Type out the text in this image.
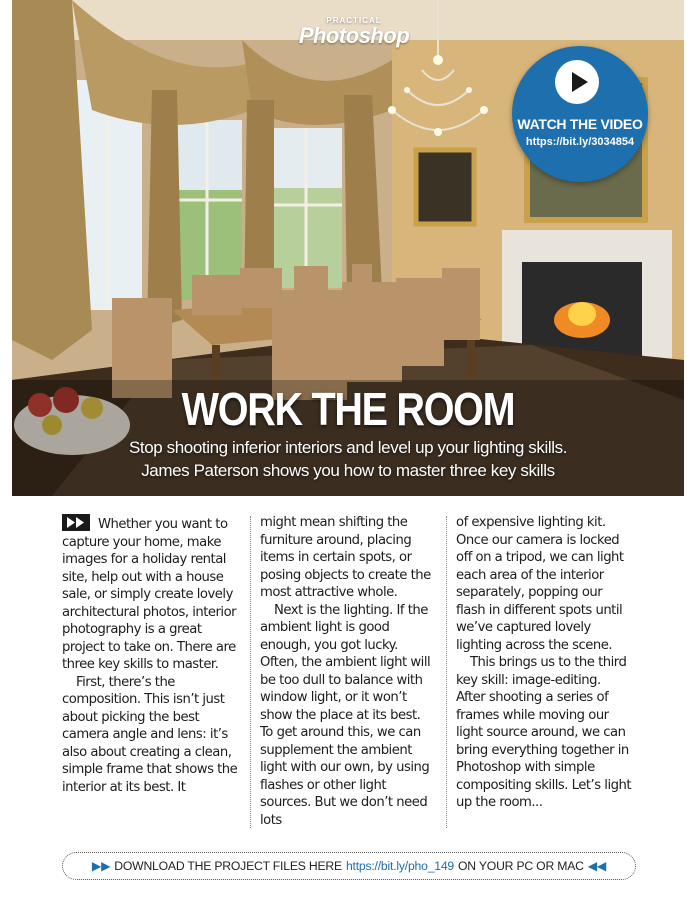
PRACTICAL
Photoshop
WATCH THE VIDEO
https://bit.ly/3034854
WORK THE ROOM
Stop shooting inferior interiors and level up your lighting skills.
James Paterson shows you how to master three key skills

Whether you want to capture your home, make images for a holiday rental site, help out with a house sale, or simply create lovely architectural photos, interior photography is a great project to take on. There are three key skills to master.

First, there’s the composition. This isn’t just about picking the best camera angle and lens: it’s also about creating a clean, simple frame that shows the interior at its best. It

might mean shifting the furniture around, placing items in certain spots, or posing objects to create the most attractive whole.

Next is the lighting. If the ambient light is good enough, you got lucky. Often, the ambient light will be too dull to balance with window light, or it won’t show the place at its best. To get around this, we can supplement the ambient light with our own, by using flashes or other light sources. But we don’t need lots

of expensive lighting kit. Once our camera is locked off on a tripod, we can light each area of the interior separately, popping our flash in different spots until we’ve captured lovely lighting across the scene.

This brings us to the third key skill: image-editing. After shooting a series of frames while moving our light source around, we can bring everything together in Photoshop with simple compositing skills. Let’s light up the room...

▶▶ DOWNLOAD THE PROJECT FILES HERE https://bit.ly/pho_149 ON YOUR PC OR MAC ◀◀
